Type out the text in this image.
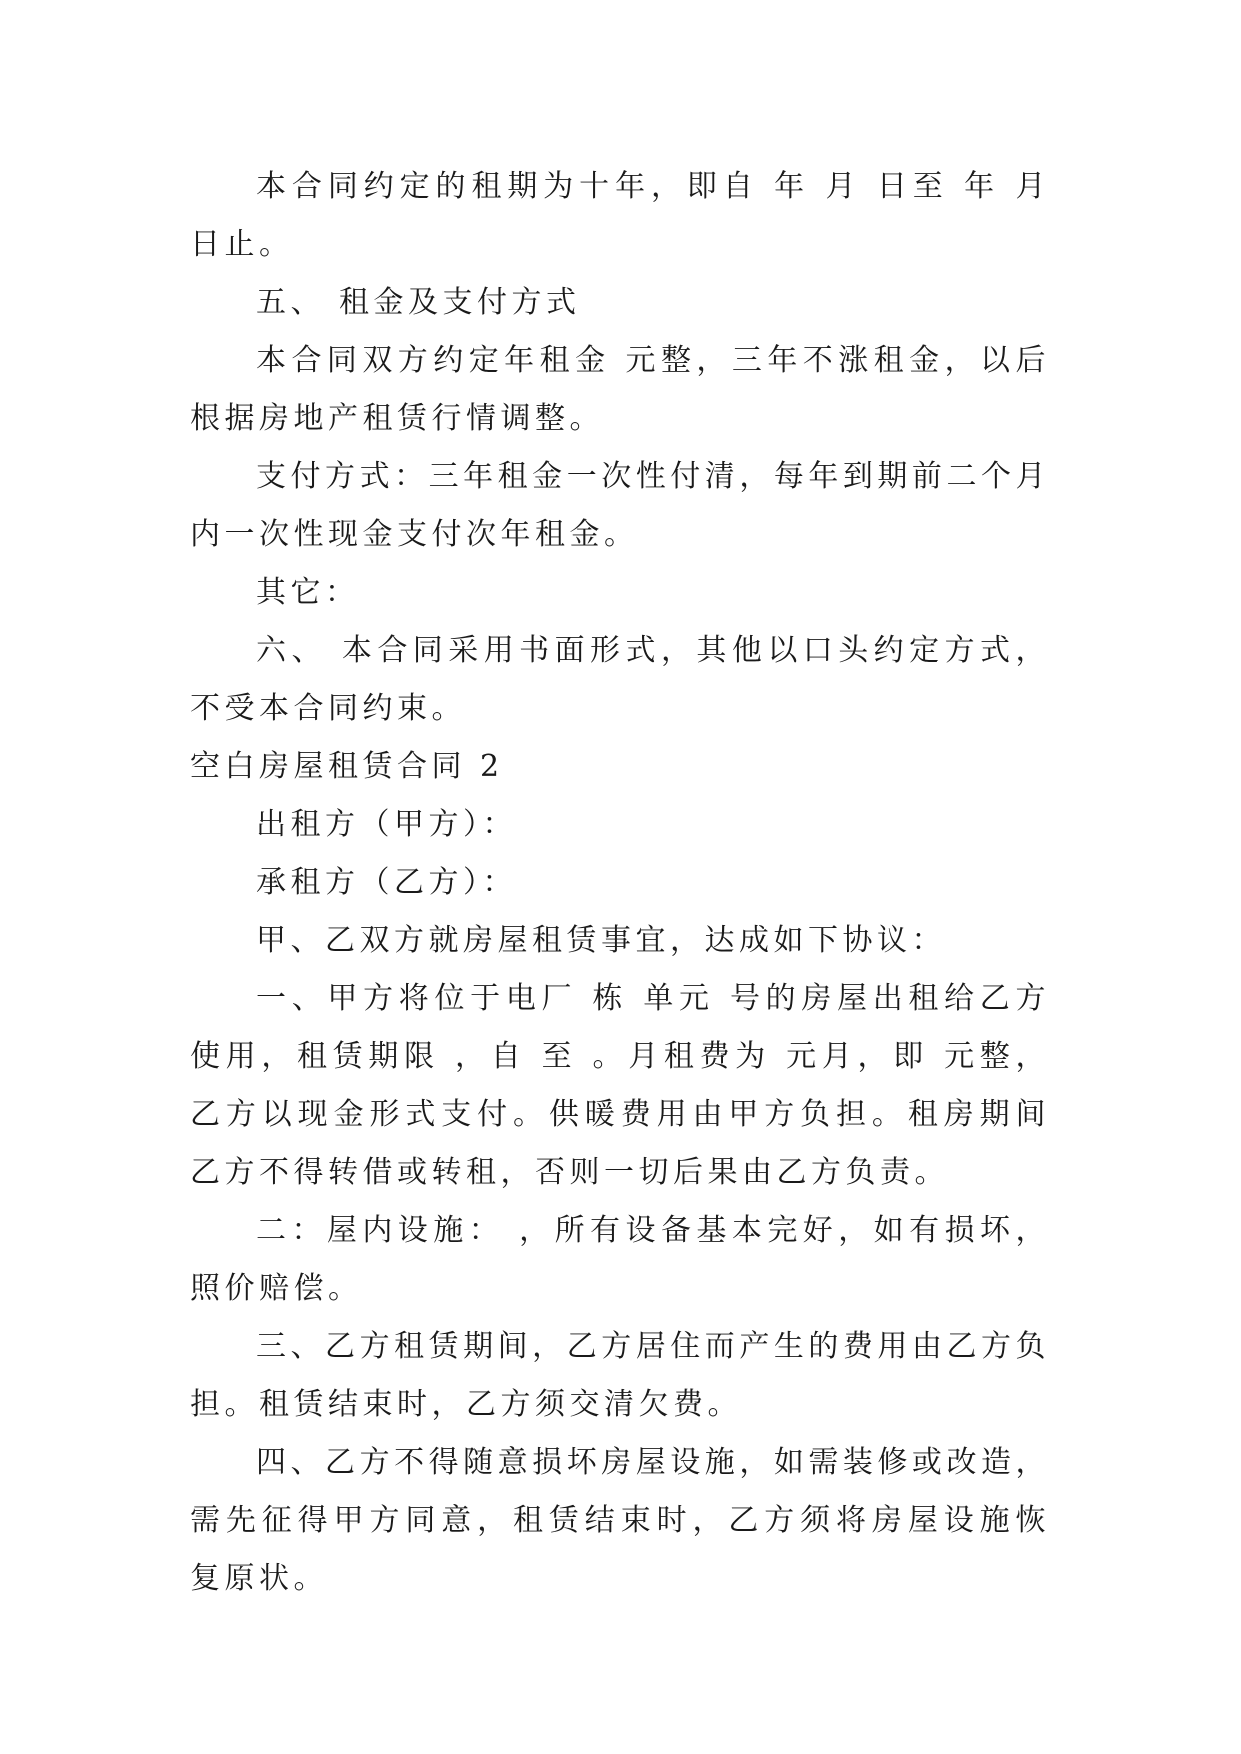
本合同约定的租期为十年，即自 年 月 日至 年 月 日止。

五、 租金及支付方式

本合同双方约定年租金 元整，三年不涨租金，以后根据房地产租赁行情调整。

支付方式：三年租金一次性付清，每年到期前二个月内一次性现金支付次年租金。

其它：

六、 本合同采用书面形式，其他以口头约定方式，不受本合同约束。

空白房屋租赁合同 2

出租方（甲方）：

承租方（乙方）：

甲、乙双方就房屋租赁事宜，达成如下协议：

一、甲方将位于电厂 栋 单元 号的房屋出租给乙方使用，租赁期限 ，自 至 。月租费为 元月，即 元整，乙方以现金形式支付。供暖费用由甲方负担。租房期间乙方不得转借或转租，否则一切后果由乙方负责。

二：屋内设施： ，所有设备基本完好，如有损坏，照价赔偿。

三、乙方租赁期间，乙方居住而产生的费用由乙方负担。租赁结束时，乙方须交清欠费。

四、乙方不得随意损坏房屋设施，如需装修或改造，需先征得甲方同意，租赁结束时，乙方须将房屋设施恢复原状。
